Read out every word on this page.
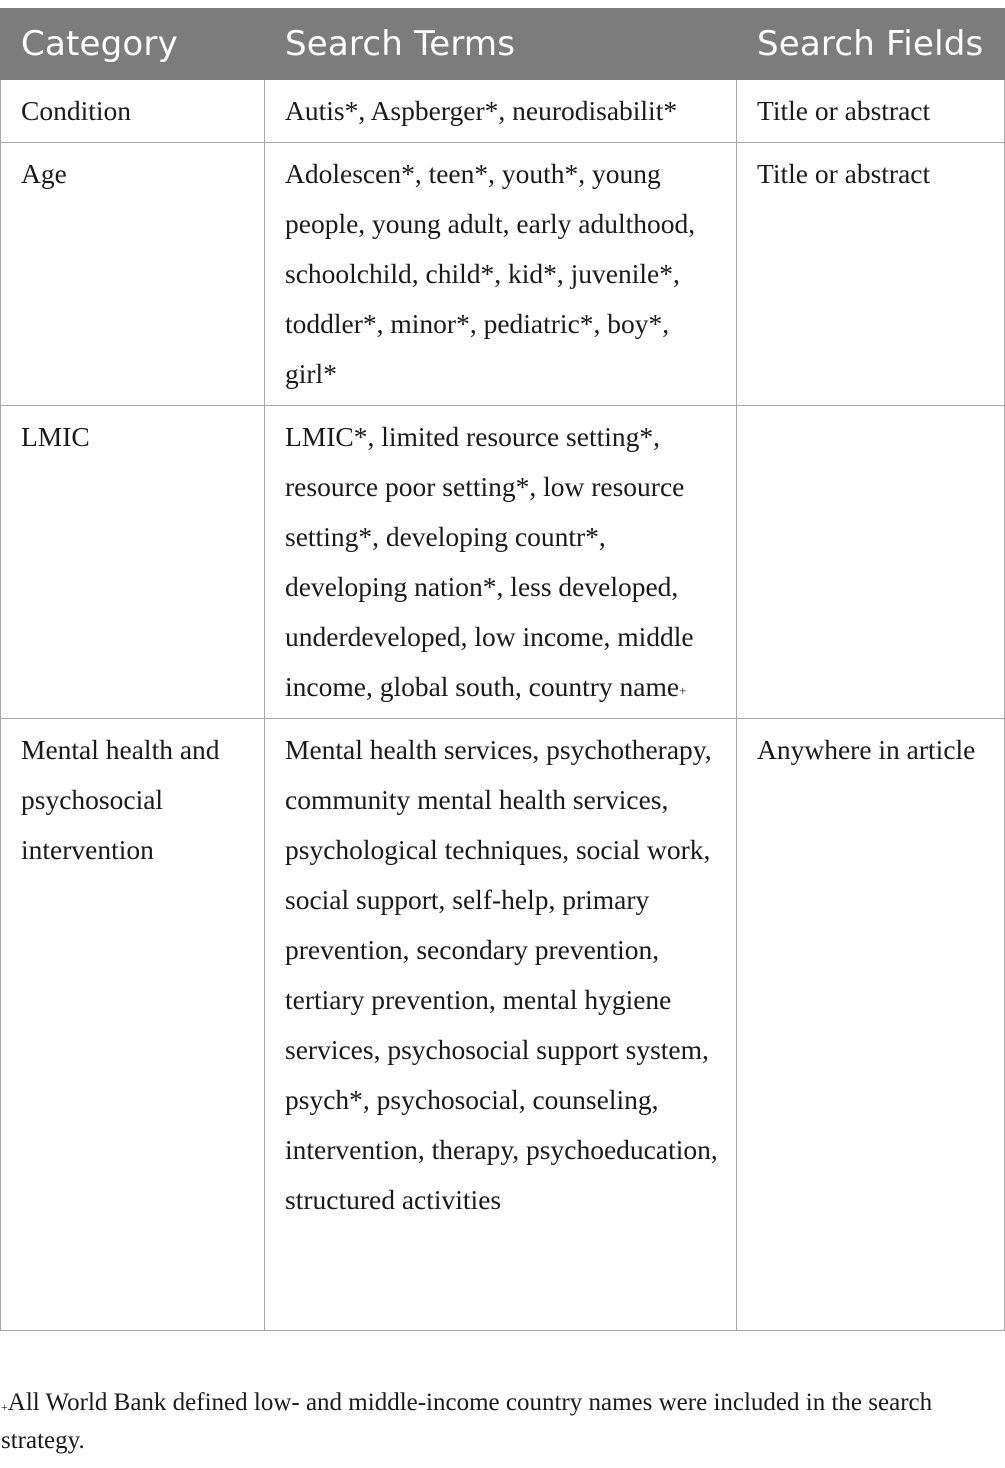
Category	Search Terms	Search Fields
Condition	Autis*, Aspberger*, neurodisabilit*	Title or abstract
Age	Adolescen*, teen*, youth*, young people, young adult, early adulthood, schoolchild, child*, kid*, juvenile*, toddler*, minor*, pediatric*, boy*, girl*	Title or abstract
LMIC	LMIC*, limited resource setting*, resource poor setting*, low resource setting*, developing countr*, developing nation*, less developed, underdeveloped, low income, middle income, global south, country name+	
Mental health and psychosocial intervention	Mental health services, psychotherapy, community mental health services, psychological techniques, social work, social support, self-help, primary prevention, secondary prevention, tertiary prevention, mental hygiene services, psychosocial support system, psych*, psychosocial, counseling, intervention, therapy, psychoeducation, structured activities	Anywhere in article
+All World Bank defined low- and middle-income country names were included in the search strategy.
